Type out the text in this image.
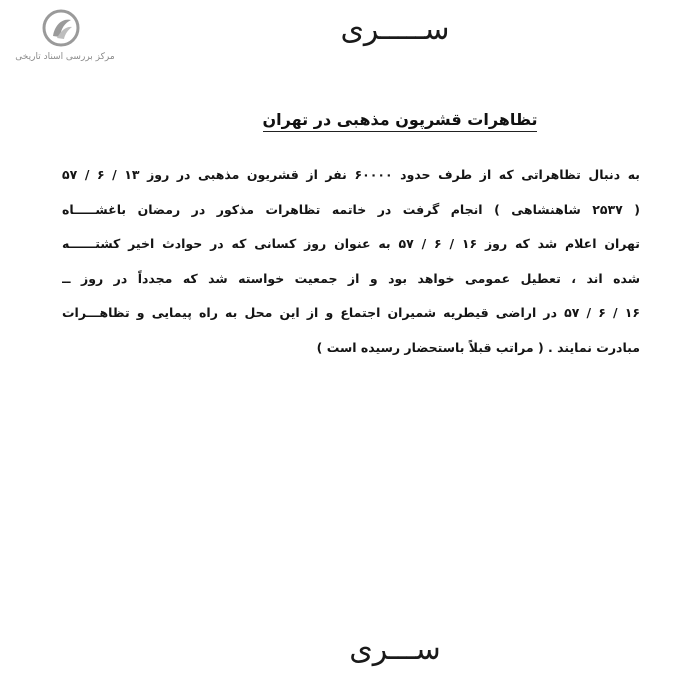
مرکز بررسی اسناد تاریخی
ســـــری
تظاهرات قشرپون مذهبی در تهران
به دنبال تظاهراتی که از طرف حدود ۶۰۰۰۰ نفر از قشریون مذهبی در روز ۱۳ / ۶ / ۵۷
( ۲۵۳۷ شاهنشاهی ) انجام گرفت در خاتمه تظاهرات مذکور در رمضان باغشـــــاه
تهران اعلام شد که روز ۱۶ / ۶ / ۵۷ به عنوان روز کسانی که در حوادث اخیر کشتــــــه
شده اند ، تعطیل عمومی خواهد بود و از جمعیت خواسته شد که مجدداً در روز ــ
۱۶ / ۶ / ۵۷ در اراضی قیطریه شمیران اجتماع و از این محل به راه پیمایی و تظاهـــرات
مبادرت نمایند . ( مراتب قبلاً باستحضار رسیده است )
ســـری
